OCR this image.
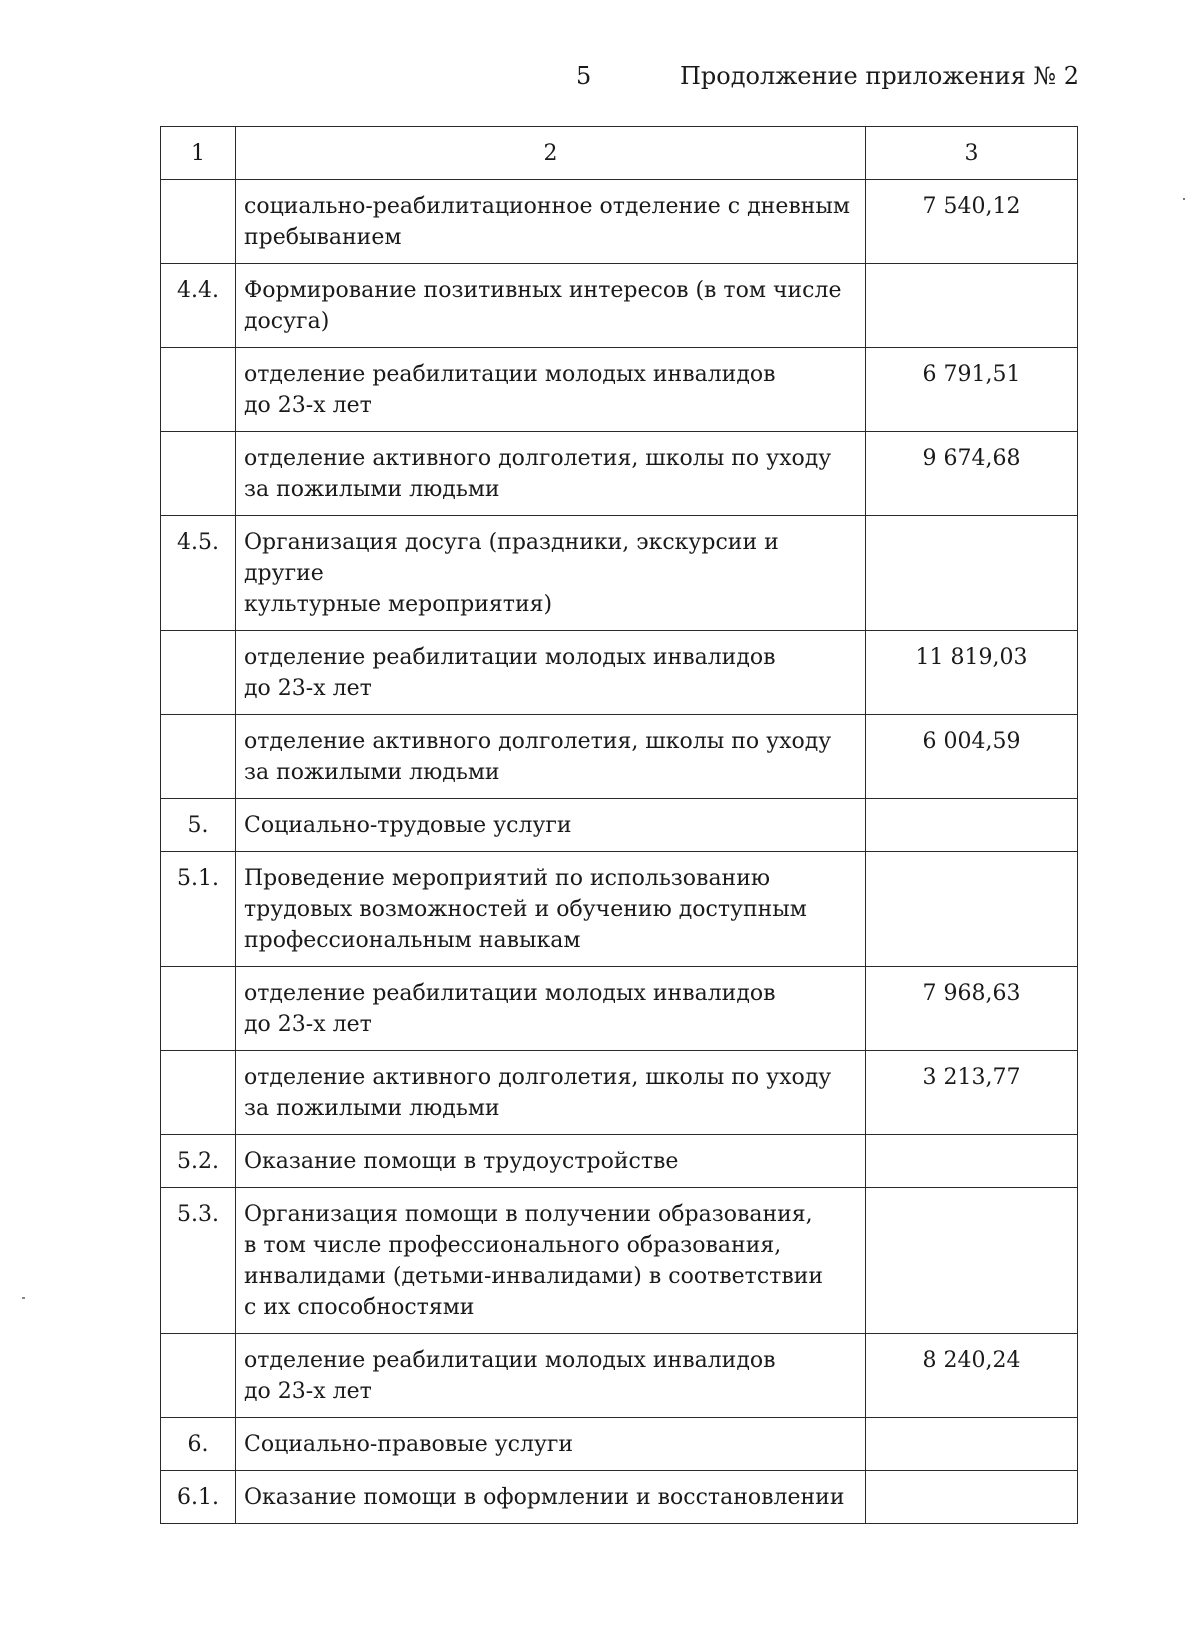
5	Продолжение приложения № 2
1	2	3
	социально-реабилитационное отделение с дневным
пребыванием	7 540,12
4.4.	Формирование позитивных интересов (в том числе
досуга)	
	отделение реабилитации молодых инвалидов
до 23-х лет	6 791,51
	отделение активного долголетия, школы по уходу
за пожилыми людьми	9 674,68
4.5.	Организация досуга (праздники, экскурсии и другие
культурные мероприятия)	
	отделение реабилитации молодых инвалидов
до 23-х лет	11 819,03
	отделение активного долголетия, школы по уходу
за пожилыми людьми	6 004,59
5.	Социально-трудовые услуги	
5.1.	Проведение мероприятий по использованию
трудовых возможностей и обучению доступным
профессиональным навыкам	
	отделение реабилитации молодых инвалидов
до 23-х лет	7 968,63
	отделение активного долголетия, школы по уходу
за пожилыми людьми	3 213,77
5.2.	Оказание помощи в трудоустройстве	
5.3.	Организация помощи в получении образования,
в том числе профессионального образования,
инвалидами (детьми-инвалидами) в соответствии
с их способностями	
	отделение реабилитации молодых инвалидов
до 23-х лет	8 240,24
6.	Социально-правовые услуги	
6.1.	Оказание помощи в оформлении и восстановлении	
